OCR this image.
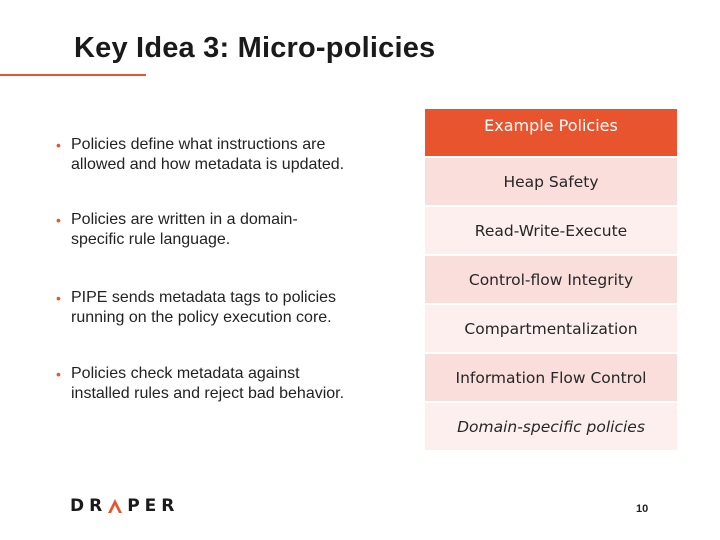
Key Idea 3: Micro-policies
• Policies define what instructions are
allowed and how metadata is updated.
• Policies are written in a domain-
specific rule language.
• PIPE sends metadata tags to policies
running on the policy execution core.
• Policies check metadata against
installed rules and reject bad behavior.
Example Policies
Heap Safety
Read-Write-Execute
Control-flow Integrity
Compartmentalization
Information Flow Control
Domain-specific policies
DR PER	10
